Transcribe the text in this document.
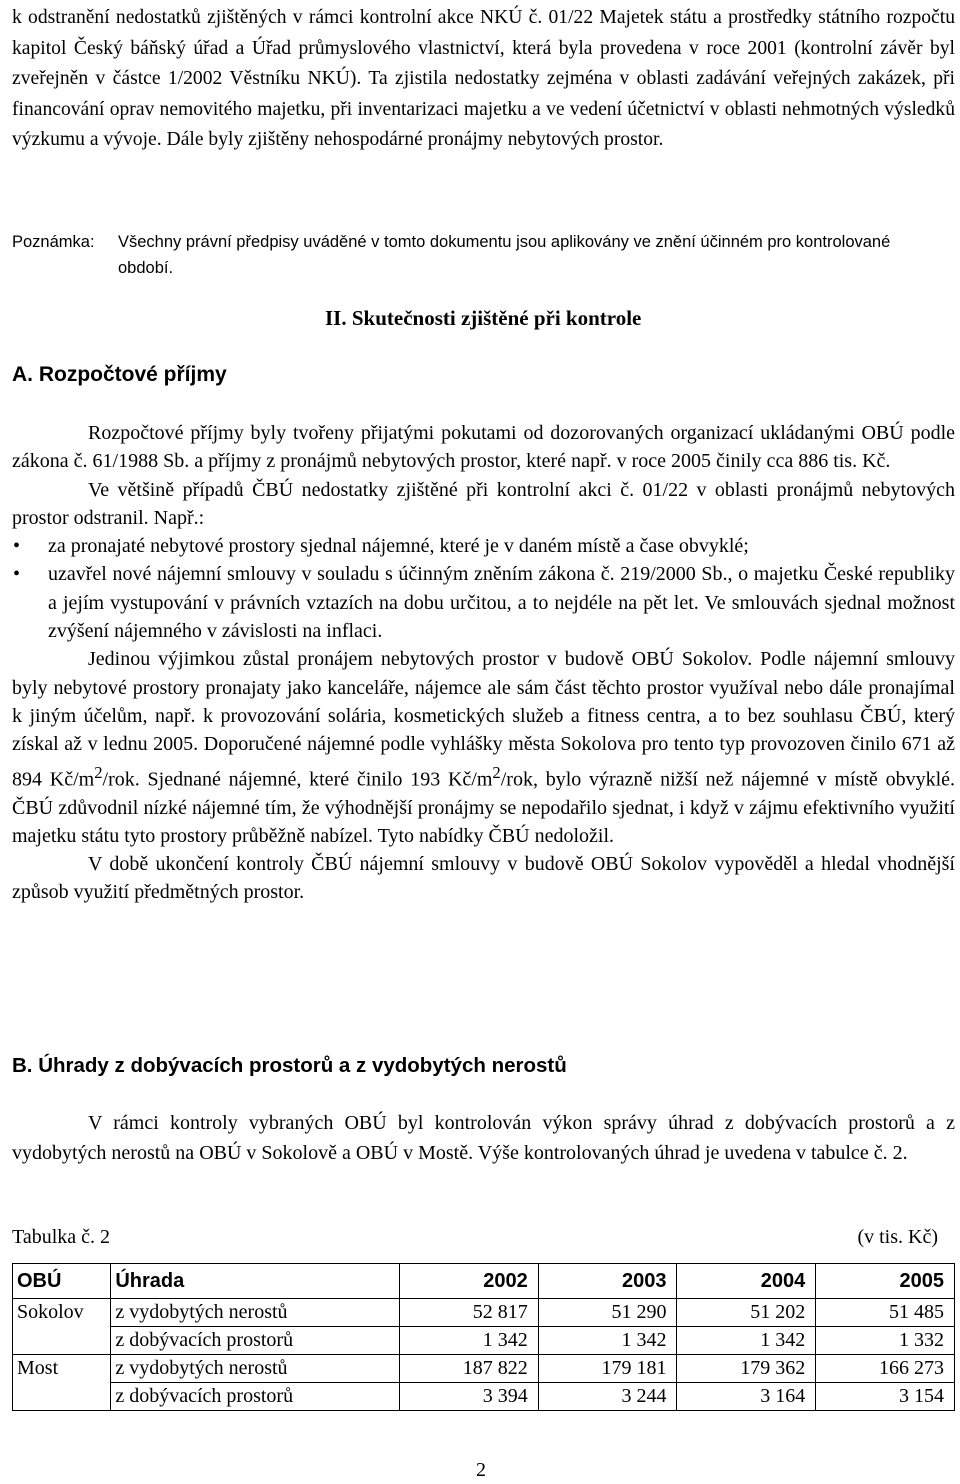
k odstranění nedostatků zjištěných v rámci kontrolní akce NKÚ č. 01/22 Majetek státu a prostředky státního rozpočtu kapitol Český báňský úřad a Úřad průmyslového vlastnictví, která byla provedena v roce 2001 (kontrolní závěr byl zveřejněn v částce 1/2002 Věstníku NKÚ). Ta zjistila nedostatky zejména v oblasti zadávání veřejných zakázek, při financování oprav nemovitého majetku, při inventarizaci majetku a ve vedení účetnictví v oblasti nehmotných výsledků výzkumu a vývoje. Dále byly zjištěny nehospodárné pronájmy nebytových prostor.
Poznámka: Všechny právní předpisy uváděné v tomto dokumentu jsou aplikovány ve znění účinném pro kontrolované období.
II. Skutečnosti zjištěné při kontrole
A. Rozpočtové příjmy

Rozpočtové příjmy byly tvořeny přijatými pokutami od dozorovaných organizací ukládanými OBÚ podle zákona č. 61/1988 Sb. a příjmy z pronájmů nebytových prostor, které např. v roce 2005 činily cca 886 tis. Kč.

Ve většině případů ČBÚ nedostatky zjištěné při kontrolní akci č. 01/22 v oblasti pronájmů nebytových prostor odstranil. Např.:

• za pronajaté nebytové prostory sjednal nájemné, které je v daném místě a čase obvyklé;
• uzavřel nové nájemní smlouvy v souladu s účinným zněním zákona č. 219/2000 Sb., o majetku České republiky a jejím vystupování v právních vztazích na dobu určitou, a to nejdéle na pět let. Ve smlouvách sjednal možnost zvýšení nájemného v závislosti na inflaci.

Jedinou výjimkou zůstal pronájem nebytových prostor v budově OBÚ Sokolov. Podle nájemní smlouvy byly nebytové prostory pronajaty jako kanceláře, nájemce ale sám část těchto prostor využíval nebo dále pronajímal k jiným účelům, např. k provozování solária, kosmetických služeb a fitness centra, a to bez souhlasu ČBÚ, který získal až v lednu 2005. Doporučené nájemné podle vyhlášky města Sokolova pro tento typ provozoven činilo 671 až 894 $Kč/m^2$/rok. Sjednané nájemné, které činilo 193 $Kč/m^2$/rok, bylo výrazně nižší než nájemné v místě obvyklé. ČBÚ zdůvodnil nízké nájemné tím, že výhodnější pronájmy se nepodařilo sjednat, i když v zájmu efektivního využití majetku státu tyto prostory průběžně nabízel. Tyto nabídky ČBÚ nedoložil.

V době ukončení kontroly ČBÚ nájemní smlouvy v budově OBÚ Sokolov vypověděl a hledal vhodnější způsob využití předmětných prostor.

B. Úhrady z dobývacích prostorů a z vydobytých nerostů
V rámci kontroly vybraných OBÚ byl kontrolován výkon správy úhrad z dobývacích prostorů a z vydobytých nerostů na OBÚ v Sokolově a OBÚ v Mostě. Výše kontrolovaných úhrad je uvedena v tabulce č. 2.
Tabulka č. 2	(v tis. Kč)
OBÚ	Úhrada	2002	2003	2004	2005
Sokolov	z vydobytých nerostů	52 817	51 290	51 202	51 485
	z dobývacích prostorů	1 342	1 342	1 342	1 332
Most	z vydobytých nerostů	187 822	179 181	179 362	166 273
	z dobývacích prostorů	3 394	3 244	3 164	3 154
2
